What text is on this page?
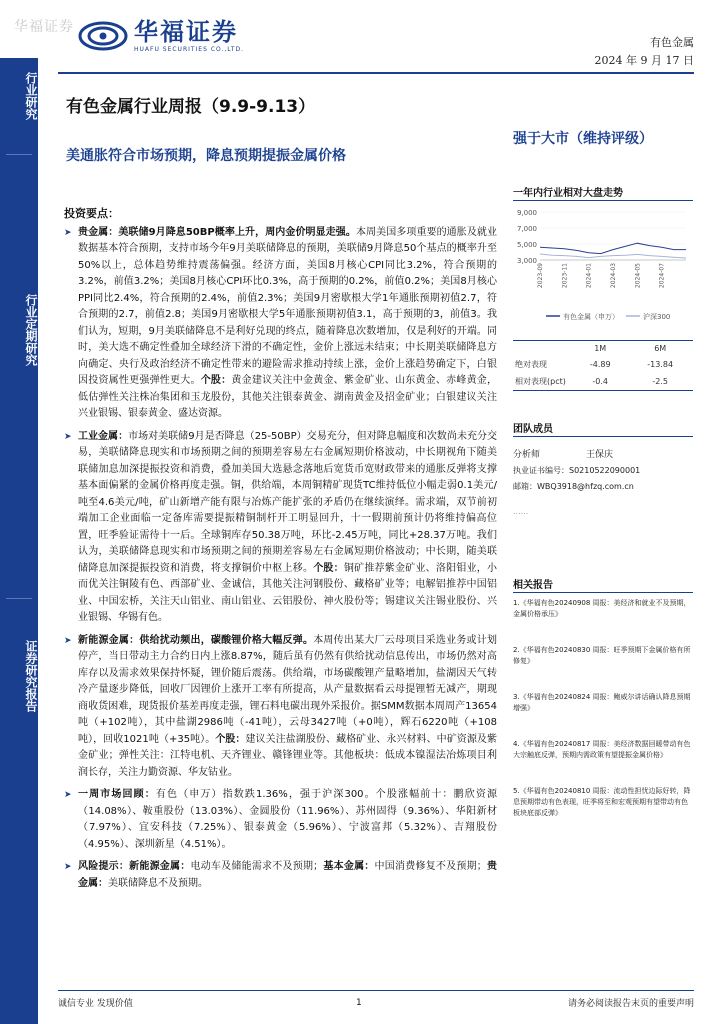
华福证券	华福证券
HUAFU SECURITIES CO.,LTD.
有色金属
2024 年 9 月 17 日
行业研究
行业定期研究
证券研究报告
有色金属行业周报（9.9-9.13）
美通胀符合市场预期，降息预期提振金属价格
强于大市（维持评级）
投资要点：
➤ 贵金属：美联储9月降息50BP概率上升，周内金价明显走强。本周美国多项重要的通胀及就业数据基本符合预期，支持市场今年9月美联储降息的预期，美联储9月降息50个基点的概率升至50%以上，总体趋势维持震荡偏强。经济方面，美国8月核心CPI同比3.2%，符合预期的3.2%，前值3.2%；美国8月核心CPI环比0.3%，高于预期的0.2%，前值0.2%；美国8月核心PPI同比2.4%，符合预期的2.4%，前值2.3%；美国9月密歇根大学1年通胀预期初值2.7，符合预期的2.7，前值2.8；美国9月密歇根大学5年通胀预期初值3.1，高于预期的3，前值3。我们认为，短期，9月美联储降息不是利好兑现的终点，随着降息次数增加，仅是利好的开端。同时，美大选不确定性叠加全球经济下滑的不确定性，金价上涨远未结束；中长期美联储降息方向确定、央行及政治经济不确定性带来的避险需求推动持续上涨，金价上涨趋势确定下，白银因投资属性更强弹性更大。个股：黄金建议关注中金黄金、紫金矿业、山东黄金、赤峰黄金，低估弹性关注株冶集团和玉龙股份，其他关注银泰黄金、湖南黄金及招金矿业；白银建议关注兴业银锡、银泰黄金、盛达资源。
➤ 工业金属：市场对美联储9月是否降息（25-50BP）交易充分，但对降息幅度和次数尚未充分交易，美联储降息现实和市场预期之间的预期差容易左右金属短期价格波动，中长期视角下随美联储加息加深提振投资和消费，叠加美国大选悬念落地后宽货币宽财政带来的通胀反弹将支撑基本面偏紧的金属价格再度走强。铜，供给端，本周铜精矿现货TC维持低位小幅走弱0.1美元/吨至4.6美元/吨，矿山新增产能有限与冶炼产能扩张的矛盾仍在继续演绎。需求端，双节前初端加工企业面临一定备库需要提振精铜制杆开工明显回升，十一假期前预计仍将维持偏高位置，旺季验证需待十一后。全球铜库存50.38万吨，环比-2.45万吨，同比+28.37万吨。我们认为，美联储降息现实和市场预期之间的预期差容易左右金属短期价格波动；中长期，随美联储降息加深提振投资和消费，将支撑铜价中枢上移。个股：铜矿推荐紫金矿业、洛阳钼业，小而优关注铜陵有色、西部矿业、金诚信，其他关注河钢股份、藏格矿业等；电解铝推荐中国铝业、中国宏桥，关注天山铝业、南山铝业、云铝股份、神火股份等；锡建议关注锡业股份、兴业银锡、华锡有色。
➤ 新能源金属：供给扰动频出，碳酸锂价格大幅反弹。本周传出某大厂云母项目采选业务或计划停产，当日带动主力合约日内上涨8.87%，随后虽有仍然有供给扰动信息传出，市场仍然对高库存以及需求效果保持怀疑，锂价随后震荡。供给端，市场碳酸锂产量略增加，盐湖因天气转冷产量逐步降低，回收厂因锂价上涨开工率有所提高，从产量数据看云母提锂暂无减产，期现商收货困难，现货报价基差再度走强，锂石料电碳出现外采报价。据SMM数据本周周产13654吨（+102吨），其中盐湖2986吨（-41吨），云母3427吨（+0吨），辉石6220吨（+108吨），回收1021吨（+35吨）。个股：建议关注盐湖股份、藏格矿业、永兴材料、中矿资源及紫金矿业；弹性关注：江特电机、天齐锂业、赣锋锂业等。其他板块：低成本镍湿法冶炼项目利润长存，关注力勤资源、华友钴业。
➤ 一周市场回顾：有色（申万）指数跌1.36%，强于沪深300。个股涨幅前十：鹏欣资源（14.08%）、鞍重股份（13.03%）、金圆股份（11.96%）、苏州固得（9.36%）、华阳新材（7.97%）、宜安科技（7.25%）、银泰黄金（5.96%）、宁波富邦（5.32%）、吉翔股份（4.95%）、深圳新星（4.51%）。
➤ 风险提示：新能源金属：电动车及储能需求不及预期；基本金属：中国消费修复不及预期；贵金属：美联储降息不及预期。
一年内行业相对大盘走势
9,000
7,000
5,000
3,000
2023-09	2023-11	2024-01	2024-03	2024-05	2024-07
有色金属（申万）	沪深300
	1M	6M
绝对表现	-4.89	-13.84
相对表现(pct)	-0.4	-2.5
团队成员
分析师	王保庆
执业证书编号： S0210522090001
邮箱： WBQ3918@hfzq.com.cn
......
相关报告
1.《华福有色20240908 周报：美经济和就业不及预期，金属价格承压》
2.《华福有色20240830 周报：旺季预期下金属价格有所修复》
3.《华福有色20240824 周报：鲍威尔讲话确认降息预期增强》
4.《华福有色20240817 周报：美经济数据回暖带动有色大宗触底反弹，预期内需政策有望提振金属价格》
5.《华福有色20240810 周报：流动性担忧边际好转，降息预期带动有色表现，旺季将至和宏观预期有望带动有色板块底部反弹》
诚信专业 发现价值	1	请务必阅读报告末页的重要声明
